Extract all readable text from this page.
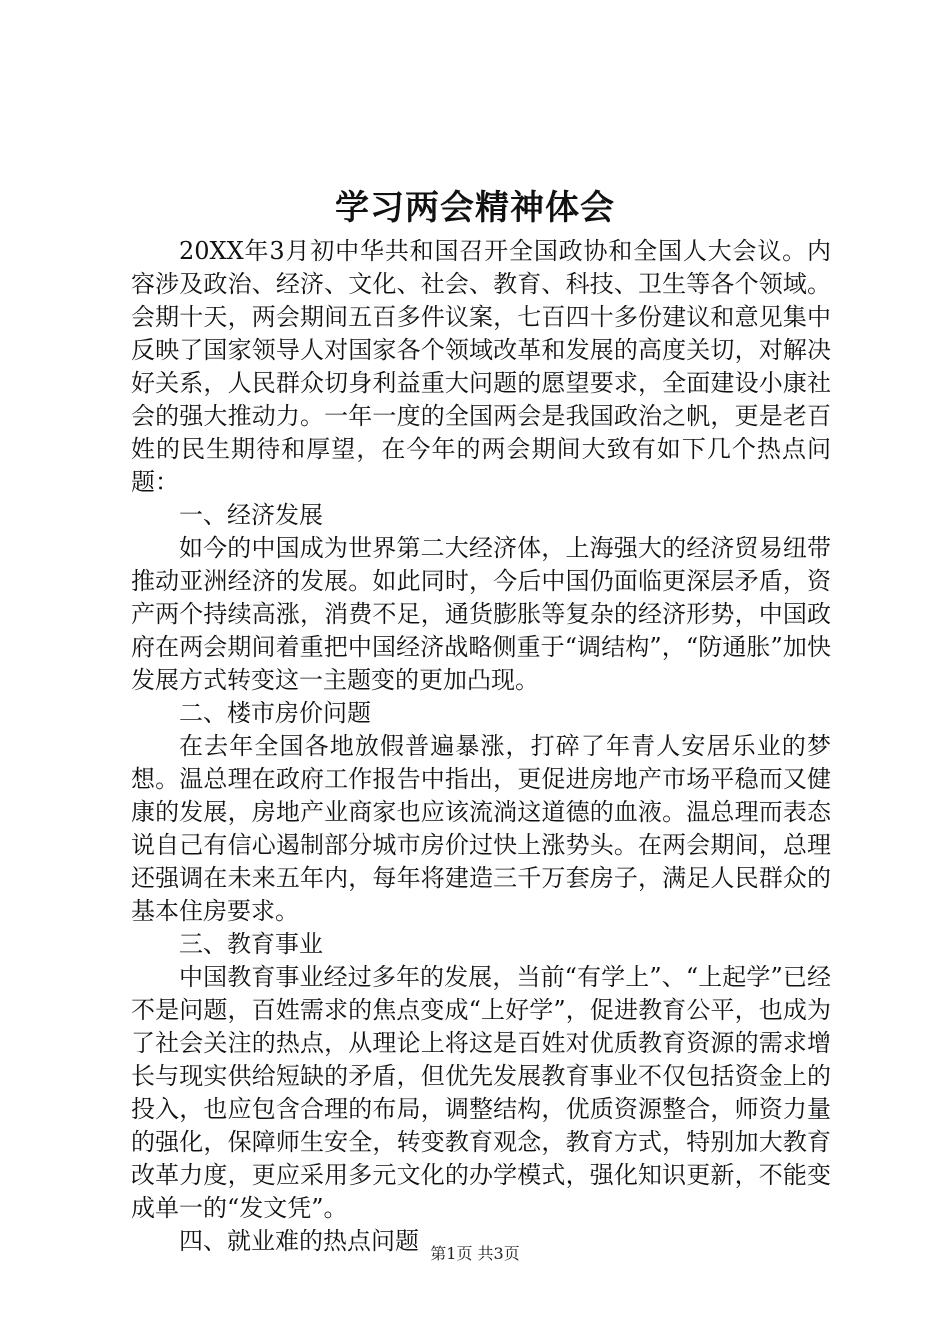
学习两会精神体会

20XX年3月初中华共和国召开全国政协和全国人大会议。内容涉及政治、经济、文化、社会、教育、科技、卫生等各个领域。会期十天，两会期间五百多件议案，七百四十多份建议和意见集中反映了国家领导人对国家各个领域改革和发展的高度关切，对解决好关系，人民群众切身利益重大问题的愿望要求，全面建设小康社会的强大推动力。一年一度的全国两会是我国政治之帆，更是老百姓的民生期待和厚望，在今年的两会期间大致有如下几个热点问题：

一、经济发展

如今的中国成为世界第二大经济体，上海强大的经济贸易纽带推动亚洲经济的发展。如此同时，今后中国仍面临更深层矛盾，资产两个持续高涨，消费不足，通货膨胀等复杂的经济形势，中国政府在两会期间着重把中国经济战略侧重于“调结构”，“防通胀”加快发展方式转变这一主题变的更加凸现。

二、楼市房价问题

在去年全国各地放假普遍暴涨，打碎了年青人安居乐业的梦想。温总理在政府工作报告中指出，更促进房地产市场平稳而又健康的发展，房地产业商家也应该流淌这道德的血液。温总理而表态说自己有信心遏制部分城市房价过快上涨势头。在两会期间，总理还强调在未来五年内，每年将建造三千万套房子，满足人民群众的基本住房要求。

三、教育事业

中国教育事业经过多年的发展，当前“有学上”、“上起学”已经不是问题，百姓需求的焦点变成“上好学”，促进教育公平，也成为了社会关注的热点，从理论上将这是百姓对优质教育资源的需求增长与现实供给短缺的矛盾，但优先发展教育事业不仅包括资金上的投入，也应包含合理的布局，调整结构，优质资源整合，师资力量的强化，保障师生安全，转变教育观念，教育方式，特别加大教育改革力度，更应采用多元文化的办学模式，强化知识更新，不能变成单一的“发文凭”。

四、就业难的热点问题 第1页 共3页
